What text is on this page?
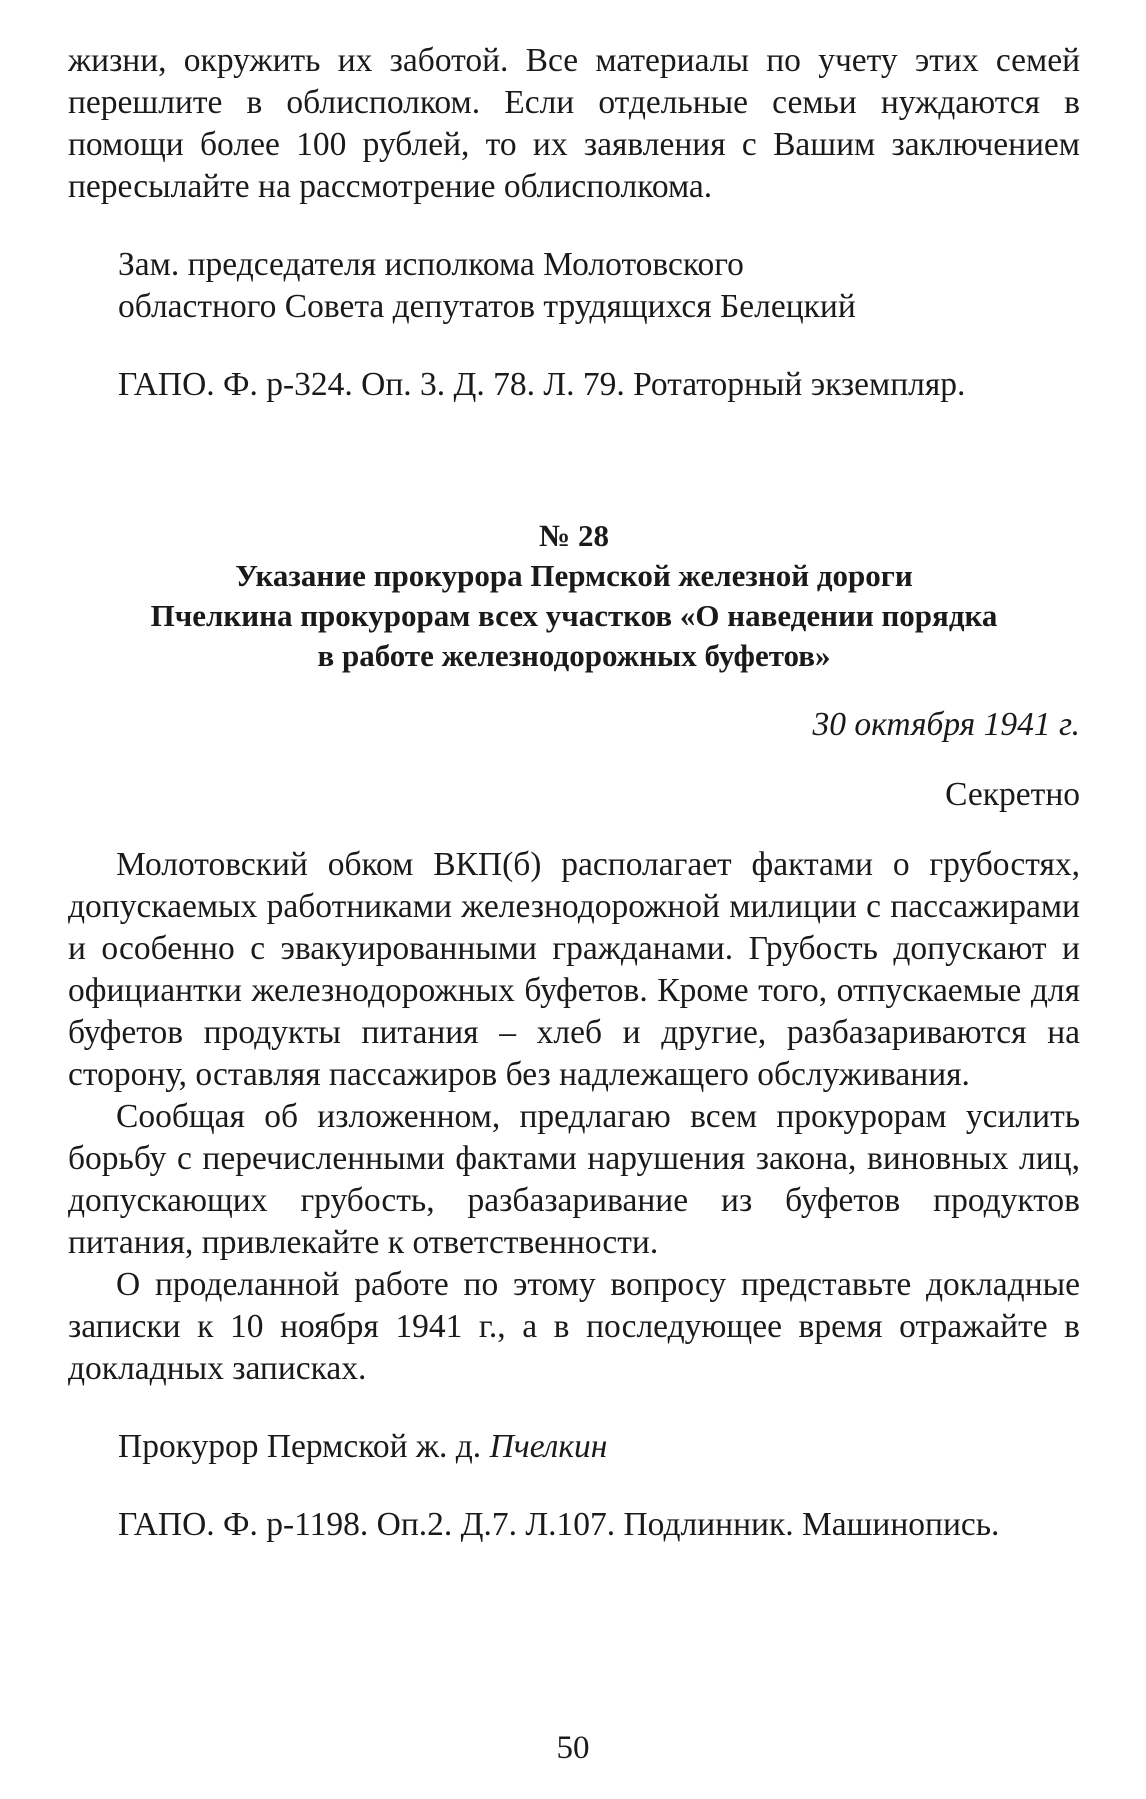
жизни, окружить их заботой. Все материалы по учету этих семей перешлите в облисполком. Если отдельные семьи нуждаются в помощи более 100 рублей, то их заявления с Вашим заключением пересылайте на рассмотрение облисполкома.

Зам. председателя исполкома Молотовского

областного Совета депутатов трудящихся Белецкий

ГАПО. Ф. р-324. Оп. 3. Д. 78. Л. 79. Ротаторный экземпляр.

№ 28

Указание прокурора Пермской железной дороги

Пчелкина прокурорам всех участков «О наведении порядка

в работе железнодорожных буфетов»

30 октября 1941 г.

Секретно

Молотовский обком ВКП(б) располагает фактами о грубостях, допускаемых работниками железнодорожной милиции с пассажирами и особенно с эвакуированными гражданами. Грубость допускают и официантки железнодорожных буфетов. Кроме того, отпускаемые для буфетов продукты питания – хлеб и другие, разбазариваются на сторону, оставляя пассажиров без надлежащего обслуживания.

Сообщая об изложенном, предлагаю всем прокурорам усилить борьбу с перечисленными фактами нарушения закона, виновных лиц, допускающих грубость, разбазаривание из буфетов продуктов питания, привлекайте к ответственности.

О проделанной работе по этому вопросу представьте докладные записки к 10 ноября 1941 г., а в последующее время отражайте в докладных записках.

Прокурор Пермской ж. д. Пчелкин

ГАПО. Ф. р-1198. Оп.2. Д.7. Л.107. Подлинник. Машинопись.

50
